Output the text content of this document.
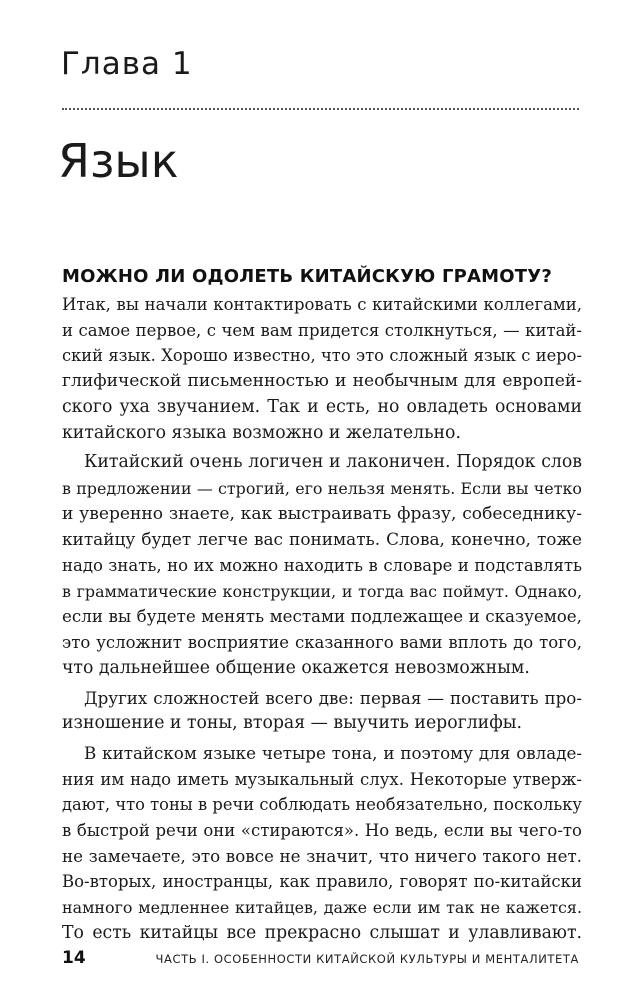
Глава 1
Язык
МОЖНО ЛИ ОДОЛЕТЬ КИТАЙСКУЮ ГРАМОТУ?
Итак, вы начали контактировать с китайскими коллегами,
и самое первое, с чем вам придется столкнуться, — китай-
ский язык. Хорошо известно, что это сложный язык с иеро-
глифической письменностью и необычным для европей-
ского уха звучанием. Так и есть, но овладеть основами
китайского языка возможно и желательно.
Китайский очень логичен и лаконичен. Порядок слов
в предложении — строгий, его нельзя менять. Если вы четко
и уверенно знаете, как выстраивать фразу, собеседнику-
китайцу будет легче вас понимать. Слова, конечно, тоже
надо знать, но их можно находить в словаре и подставлять
в грамматические конструкции, и тогда вас поймут. Однако,
если вы будете менять местами подлежащее и сказуемое,
это усложнит восприятие сказанного вами вплоть до того,
что дальнейшее общение окажется невозможным.
Других сложностей всего две: первая — поставить про-
изношение и тоны, вторая — выучить иероглифы.
В китайском языке четыре тона, и поэтому для овладе-
ния им надо иметь музыкальный слух. Некоторые утверж-
дают, что тоны в речи соблюдать необязательно, поскольку
в быстрой речи они «стираются». Но ведь, если вы чего-то
не замечаете, это вовсе не значит, что ничего такого нет.
Во-вторых, иностранцы, как правило, говорят по-китайски
намного медленнее китайцев, даже если им так не кажется.
То есть китайцы все прекрасно слышат и улавливают.
14	ЧАСТЬ I. ОСОБЕННОСТИ КИТАЙСКОЙ КУЛЬТУРЫ И МЕНТАЛИТЕТА
